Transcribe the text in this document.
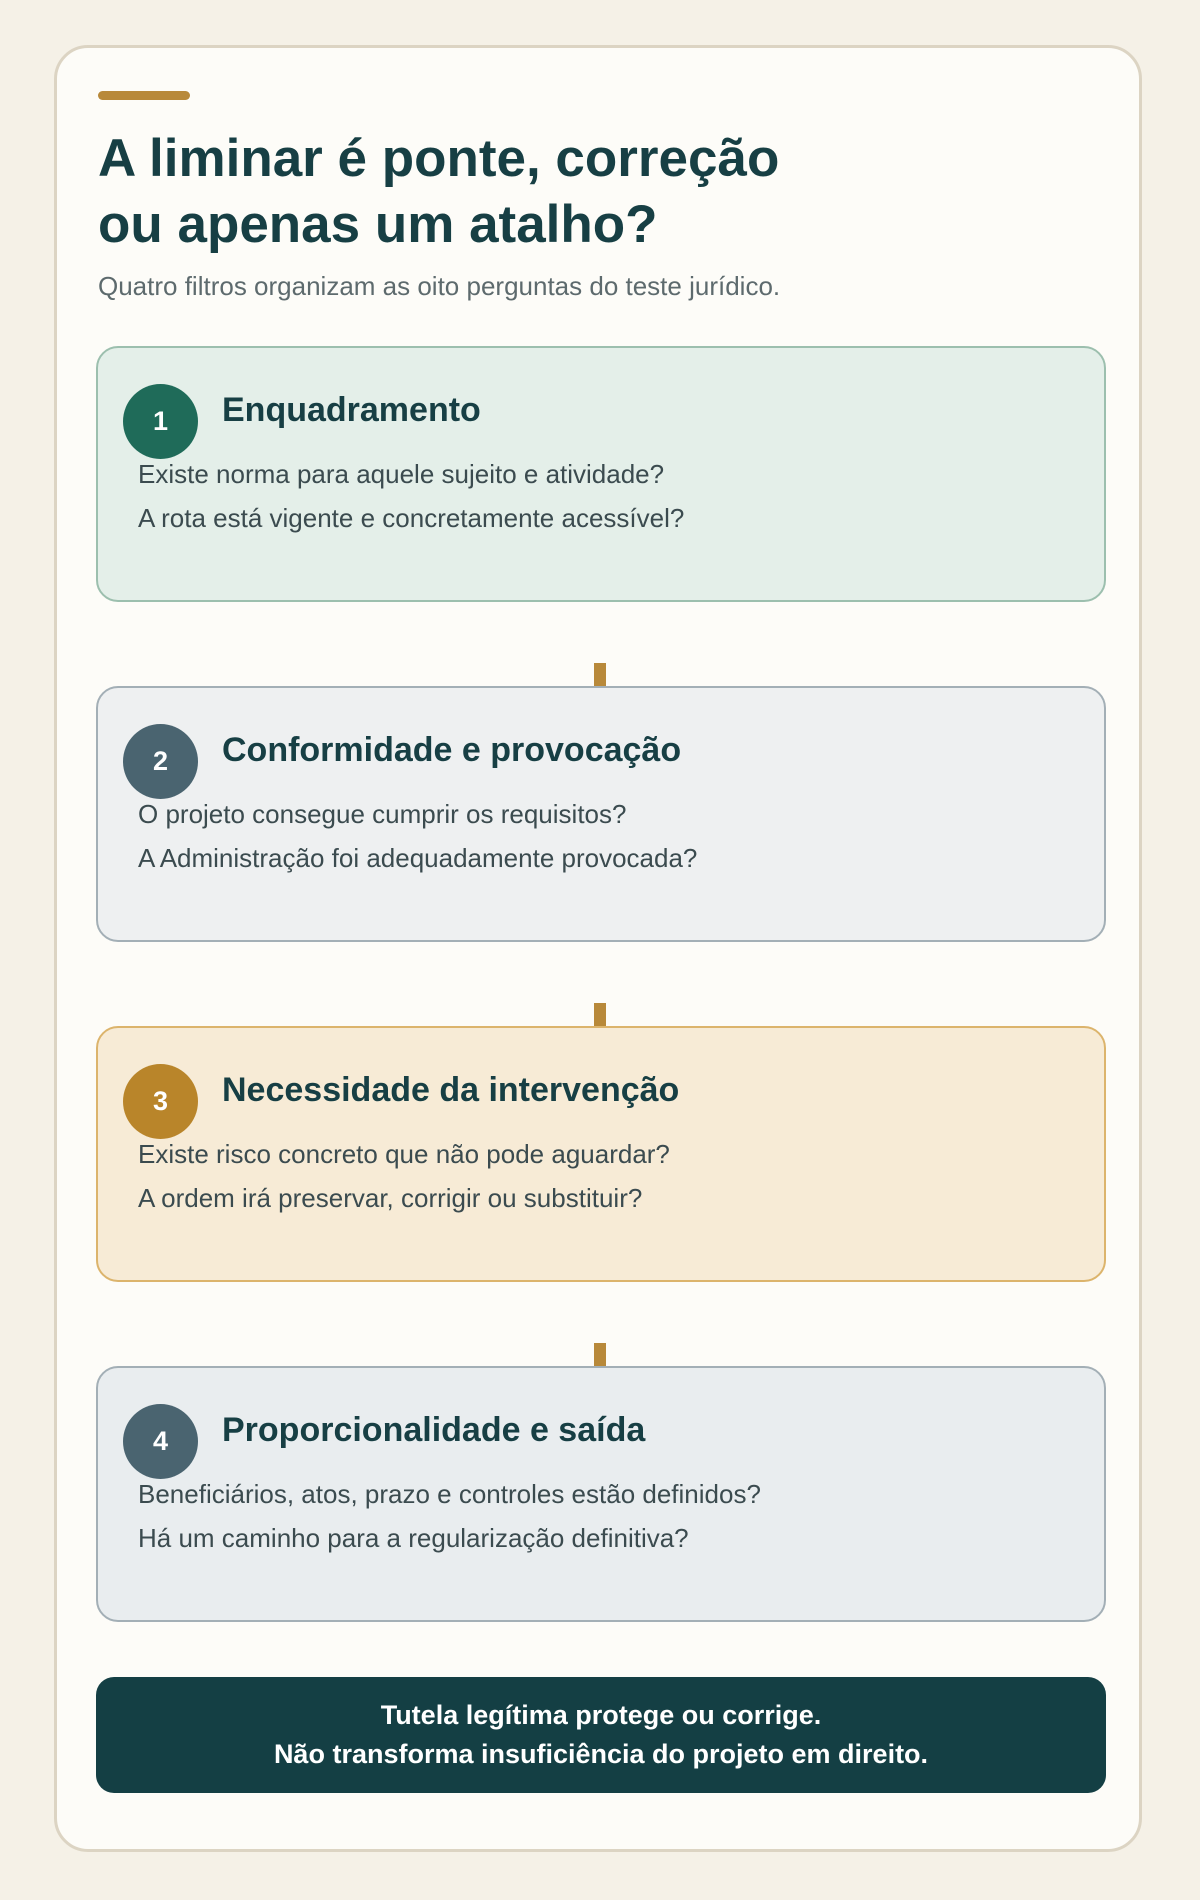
A liminar é ponte, correção
ou apenas um atalho?

Quatro filtros organizam as oito perguntas do teste jurídico.

1	Enquadramento

Existe norma para aquele sujeito e atividade?

A rota está vigente e concretamente acessível?

2	Conformidade e provocação

O projeto consegue cumprir os requisitos?

A Administração foi adequadamente provocada?

3	Necessidade da intervenção

Existe risco concreto que não pode aguardar?

A ordem irá preservar, corrigir ou substituir?

4	Proporcionalidade e saída

Beneficiários, atos, prazo e controles estão definidos?

Há um caminho para a regularização definitiva?

Tutela legítima protege ou corrige.
Não transforma insuficiência do projeto em direito.
